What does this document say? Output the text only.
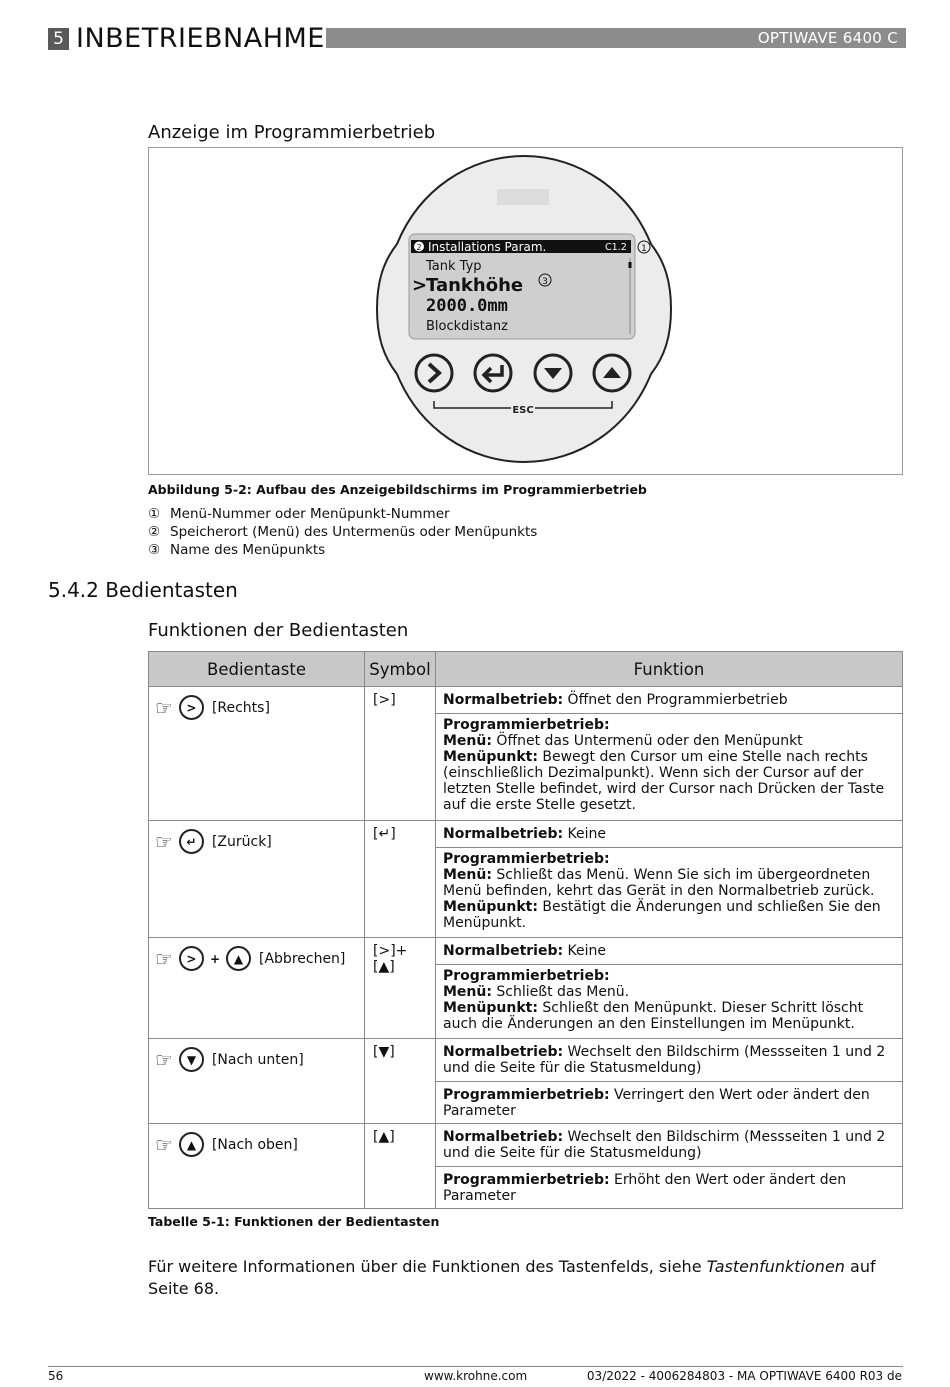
5 INBETRIEBNAHME	OPTIWAVE 6400 C
Anzeige im Programmierbetrieb
2 Installations Param.	C1.2 1
Tank Typ
>
Tankhöhe 3
2000.0mm
Blockdistanz
ESC
Abbildung 5-2: Aufbau des Anzeigebildschirms im Programmierbetrieb
① Menü-Nummer oder Menüpunkt-Nummer
② Speicherort (Menü) des Untermenüs oder Menüpunkts
③ Name des Menüpunkts
5.4.2 Bedientasten
Funktionen der Bedientasten
Bedientaste	Symbol	Funktion

☞ > [Rechts]	[>]	Normalbetrieb: Öffnet den Programmierbetrieb

		Programmierbetrieb:
Menü: Öffnet das Untermenü oder den Menüpunkt
Menüpunkt: Bewegt den Cursor um eine Stelle nach rechts (einschließlich Dezimalpunkt). Wenn sich der Cursor auf der letzten Stelle befindet, wird der Cursor nach Drücken der Taste auf die erste Stelle gesetzt.

☞ ↵ [Zurück]	[↵]	Normalbetrieb: Keine

		Programmierbetrieb:
Menü: Schließt das Menü. Wenn Sie sich im übergeordneten Menü befinden, kehrt das Gerät in den Normalbetrieb zurück.
Menüpunkt: Bestätigt die Änderungen und schließen Sie den Menüpunkt.

☞ > + ▲ [Abbrechen]	[>]+[▲]	Normalbetrieb: Keine

		Programmierbetrieb:
Menü: Schließt das Menü.
Menüpunkt: Schließt den Menüpunkt. Dieser Schritt löscht auch die Änderungen an den Einstellungen im Menüpunkt.

☞ ▼ [Nach unten]	[▼]	Normalbetrieb: Wechselt den Bildschirm (Messseiten 1 und 2 und die Seite für die Statusmeldung)
		Programmierbetrieb: Verringert den Wert oder ändert den Parameter

☞ ▲ [Nach oben]	[▲]	Normalbetrieb: Wechselt den Bildschirm (Messseiten 1 und 2 und die Seite für die Statusmeldung)
		Programmierbetrieb: Erhöht den Wert oder ändert den Parameter
Tabelle 5-1: Funktionen der Bedientasten
Für weitere Informationen über die Funktionen des Tastenfelds, siehe Tastenfunktionen auf Seite 68.
56	www.krohne.com	03/2022 - 4006284803 - MA OPTIWAVE 6400 R03 de
